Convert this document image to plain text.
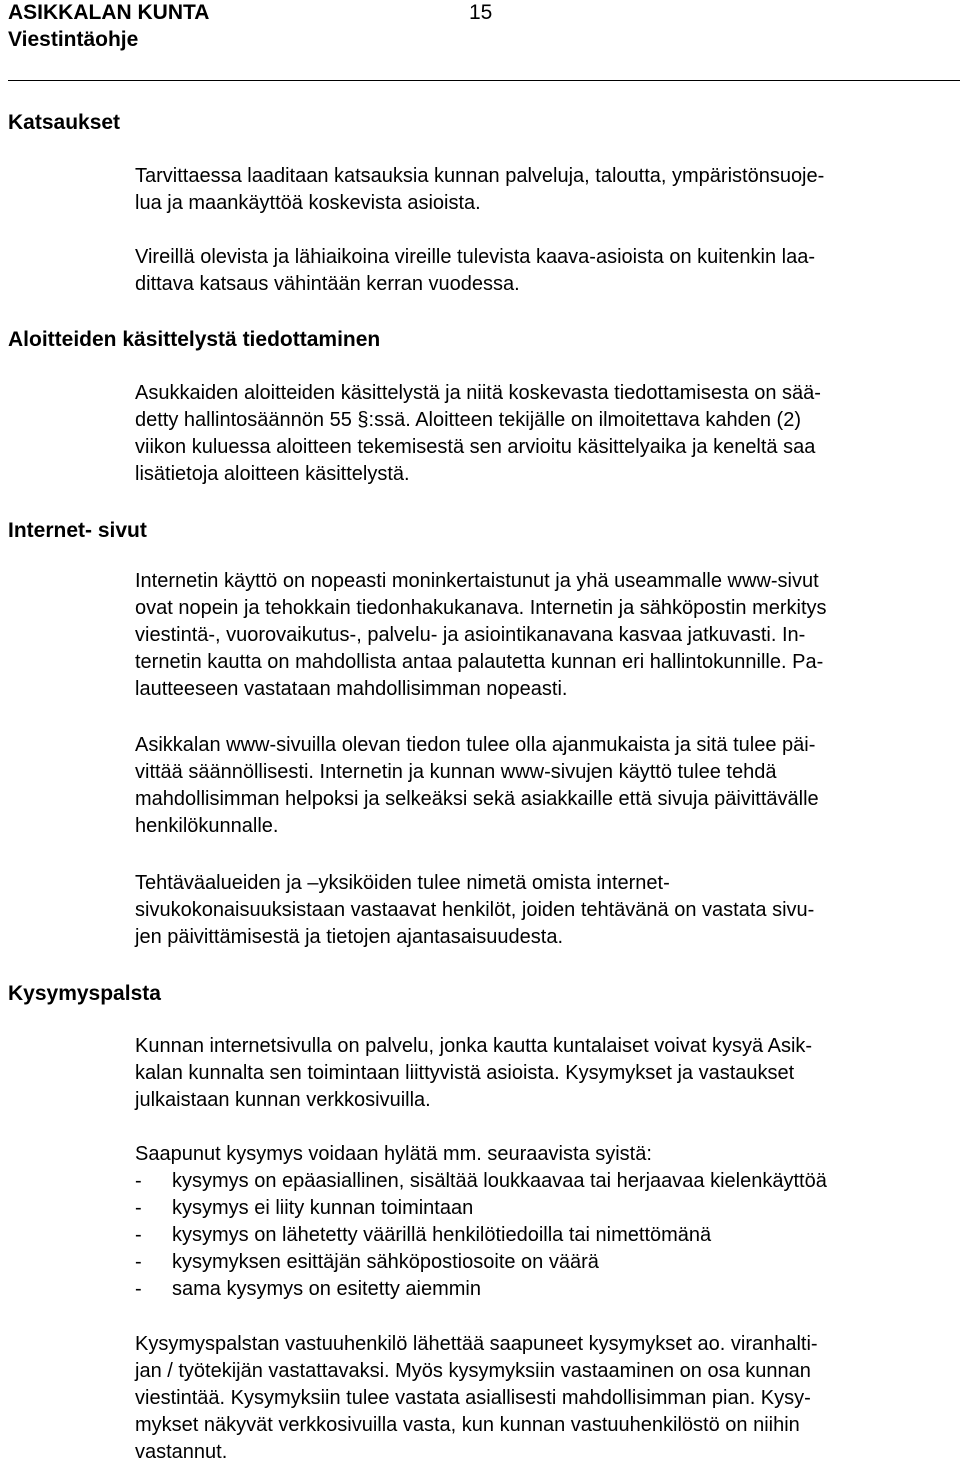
ASIKKALAN KUNTA	15
Viestintäohje
Katsaukset

Tarvittaessa laaditaan katsauksia kunnan palveluja, taloutta, ympäristönsuoje-
lua ja maankäyttöä koskevista asioista.

Vireillä olevista ja lähiaikoina vireille tulevista kaava-asioista on kuitenkin laa-
dittava katsaus vähintään kerran vuodessa.

Aloitteiden käsittelystä tiedottaminen

Asukkaiden aloitteiden käsittelystä ja niitä koskevasta tiedottamisesta on sää-
detty hallintosäännön 55 §:ssä. Aloitteen tekijälle on ilmoitettava kahden (2)
viikon kuluessa aloitteen tekemisestä sen arvioitu käsittelyaika ja keneltä saa
lisätietoja aloitteen käsittelystä.

Internet- sivut

Internetin käyttö on nopeasti moninkertaistunut ja yhä useammalle www-sivut
ovat nopein ja tehokkain tiedonhakukanava. Internetin ja sähköpostin merkitys
viestintä-, vuorovaikutus-, palvelu- ja asiointikanavana kasvaa jatkuvasti. In-
ternetin kautta on mahdollista antaa palautetta kunnan eri hallintokunnille. Pa-
lautteeseen vastataan mahdollisimman nopeasti.

Asikkalan www-sivuilla olevan tiedon tulee olla ajanmukaista ja sitä tulee päi-
vittää säännöllisesti. Internetin ja kunnan www-sivujen käyttö tulee tehdä
mahdollisimman helpoksi ja selkeäksi sekä asiakkaille että sivuja päivittävälle
henkilökunnalle.

Tehtäväalueiden ja –yksiköiden tulee nimetä omista internet-
sivukokonaisuuksistaan vastaavat henkilöt, joiden tehtävänä on vastata sivu-
jen päivittämisestä ja tietojen ajantasaisuudesta.

Kysymyspalsta

Kunnan internetsivulla on palvelu, jonka kautta kuntalaiset voivat kysyä Asik-
kalan kunnalta sen toimintaan liittyvistä asioista. Kysymykset ja vastaukset
julkaistaan kunnan verkkosivuilla.

Saapunut kysymys voidaan hylätä mm. seuraavista syistä:

- kysymys on epäasiallinen, sisältää loukkaavaa tai herjaavaa kielenkäyttöä
- kysymys ei liity kunnan toimintaan
- kysymys on lähetetty väärillä henkilötiedoilla tai nimettömänä
- kysymyksen esittäjän sähköpostiosoite on väärä
- sama kysymys on esitetty aiemmin

Kysymyspalstan vastuuhenkilö lähettää saapuneet kysymykset ao. viranhalti-
jan / työtekijän vastattavaksi. Myös kysymyksiin vastaaminen on osa kunnan
viestintää. Kysymyksiin tulee vastata asiallisesti mahdollisimman pian. Kysy-
mykset näkyvät verkkosivuilla vasta, kun kunnan vastuuhenkilöstö on niihin
vastannut.
